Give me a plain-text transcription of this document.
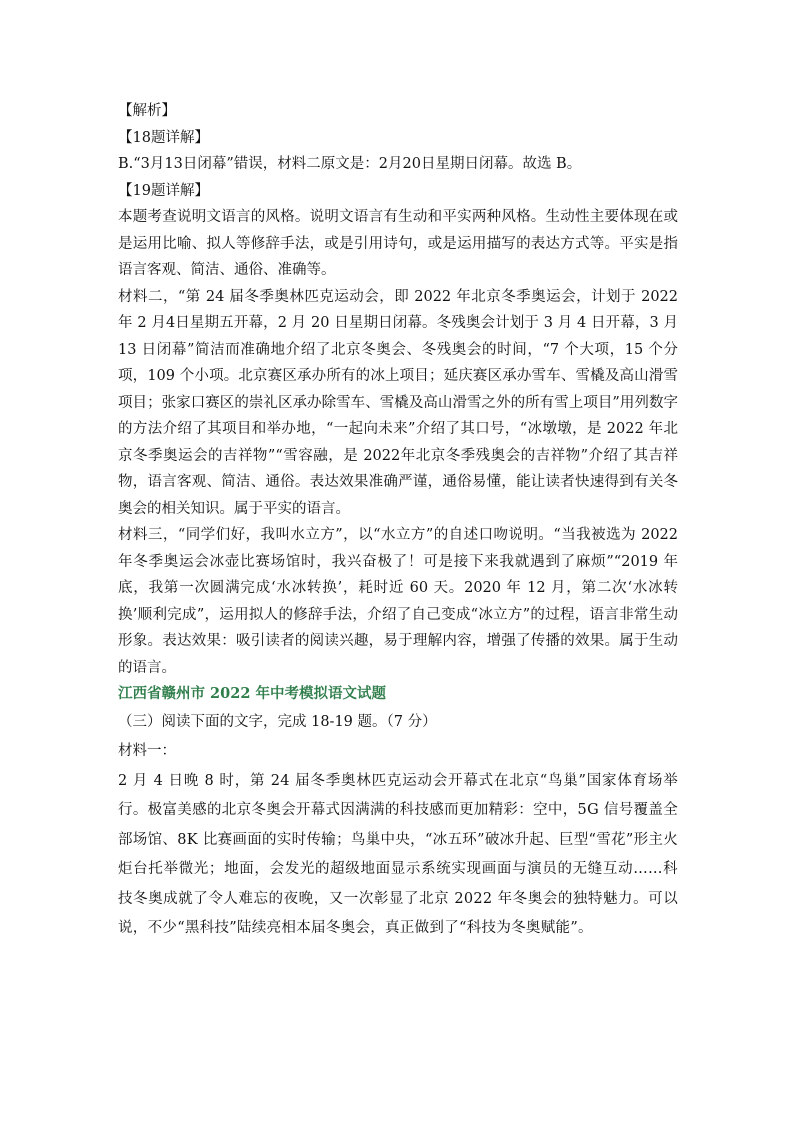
【解析】
【18题详解】
B.“3月13日闭幕”错误，材料二原文是：2月20日星期日闭幕。故选 B。
【19题详解】

本题考查说明文语言的风格。说明文语言有生动和平实两种风格。生动性主要体现在或是运用比喻、拟人等修辞手法，或是引用诗句，或是运用描写的表达方式等。平实是指语言客观、简洁、通俗、准确等。

材料二，“第 24 届冬季奥林匹克运动会，即 2022 年北京冬季奥运会，计划于 2022 年 2 月4日星期五开幕，2 月 20 日星期日闭幕。冬残奥会计划于 3 月 4 日开幕，3 月 13 日闭幕”简洁而准确地介绍了北京冬奥会、冬残奥会的时间，“7 个大项，15 个分项，109 个小项。北京赛区承办所有的冰上项目；延庆赛区承办雪车、雪橇及高山滑雪项目；张家口赛区的崇礼区承办除雪车、雪橇及高山滑雪之外的所有雪上项目”用列数字的方法介绍了其项目和举办地，“一起向未来”介绍了其口号，“冰墩墩，是 2022 年北京冬季奥运会的吉祥物”“雪容融，是 2022年北京冬季残奥会的吉祥物”介绍了其吉祥物，语言客观、简洁、通俗。表达效果准确严谨，通俗易懂，能让读者快速得到有关冬奥会的相关知识。属于平实的语言。

材料三，“同学们好，我叫水立方”，以“水立方”的自述口吻说明。“当我被选为 2022 年冬季奥运会冰壶比赛场馆时，我兴奋极了！可是接下来我就遇到了麻烦”“2019 年底，我第一次圆满完成‘水冰转换’，耗时近 60 天。2020 年 12 月，第二次‘水冰转换’顺利完成”，运用拟人的修辞手法，介绍了自己变成“冰立方”的过程，语言非常生动形象。表达效果：吸引读者的阅读兴趣，易于理解内容，增强了传播的效果。属于生动的语言。

江西省赣州市 2022 年中考模拟语文试题
（三）阅读下面的文字，完成 18-19 题。（7 分）
材料一：

2 月 4 日晚 8 时，第 24 届冬季奥林匹克运动会开幕式在北京“鸟巢”国家体育场举行。极富美感的北京冬奥会开幕式因满满的科技感而更加精彩：空中，5G 信号覆盖全部场馆、8K 比赛画面的实时传输；鸟巢中央，“冰五环”破冰升起、巨型“雪花”形主火炬台托举微光；地面，会发光的超级地面显示系统实现画面与演员的无缝互动……科技冬奥成就了令人难忘的夜晚，又一次彰显了北京 2022 年冬奥会的独特魅力。可以说，不少“黑科技”陆续亮相本届冬奥会，真正做到了“科技为冬奥赋能”。
